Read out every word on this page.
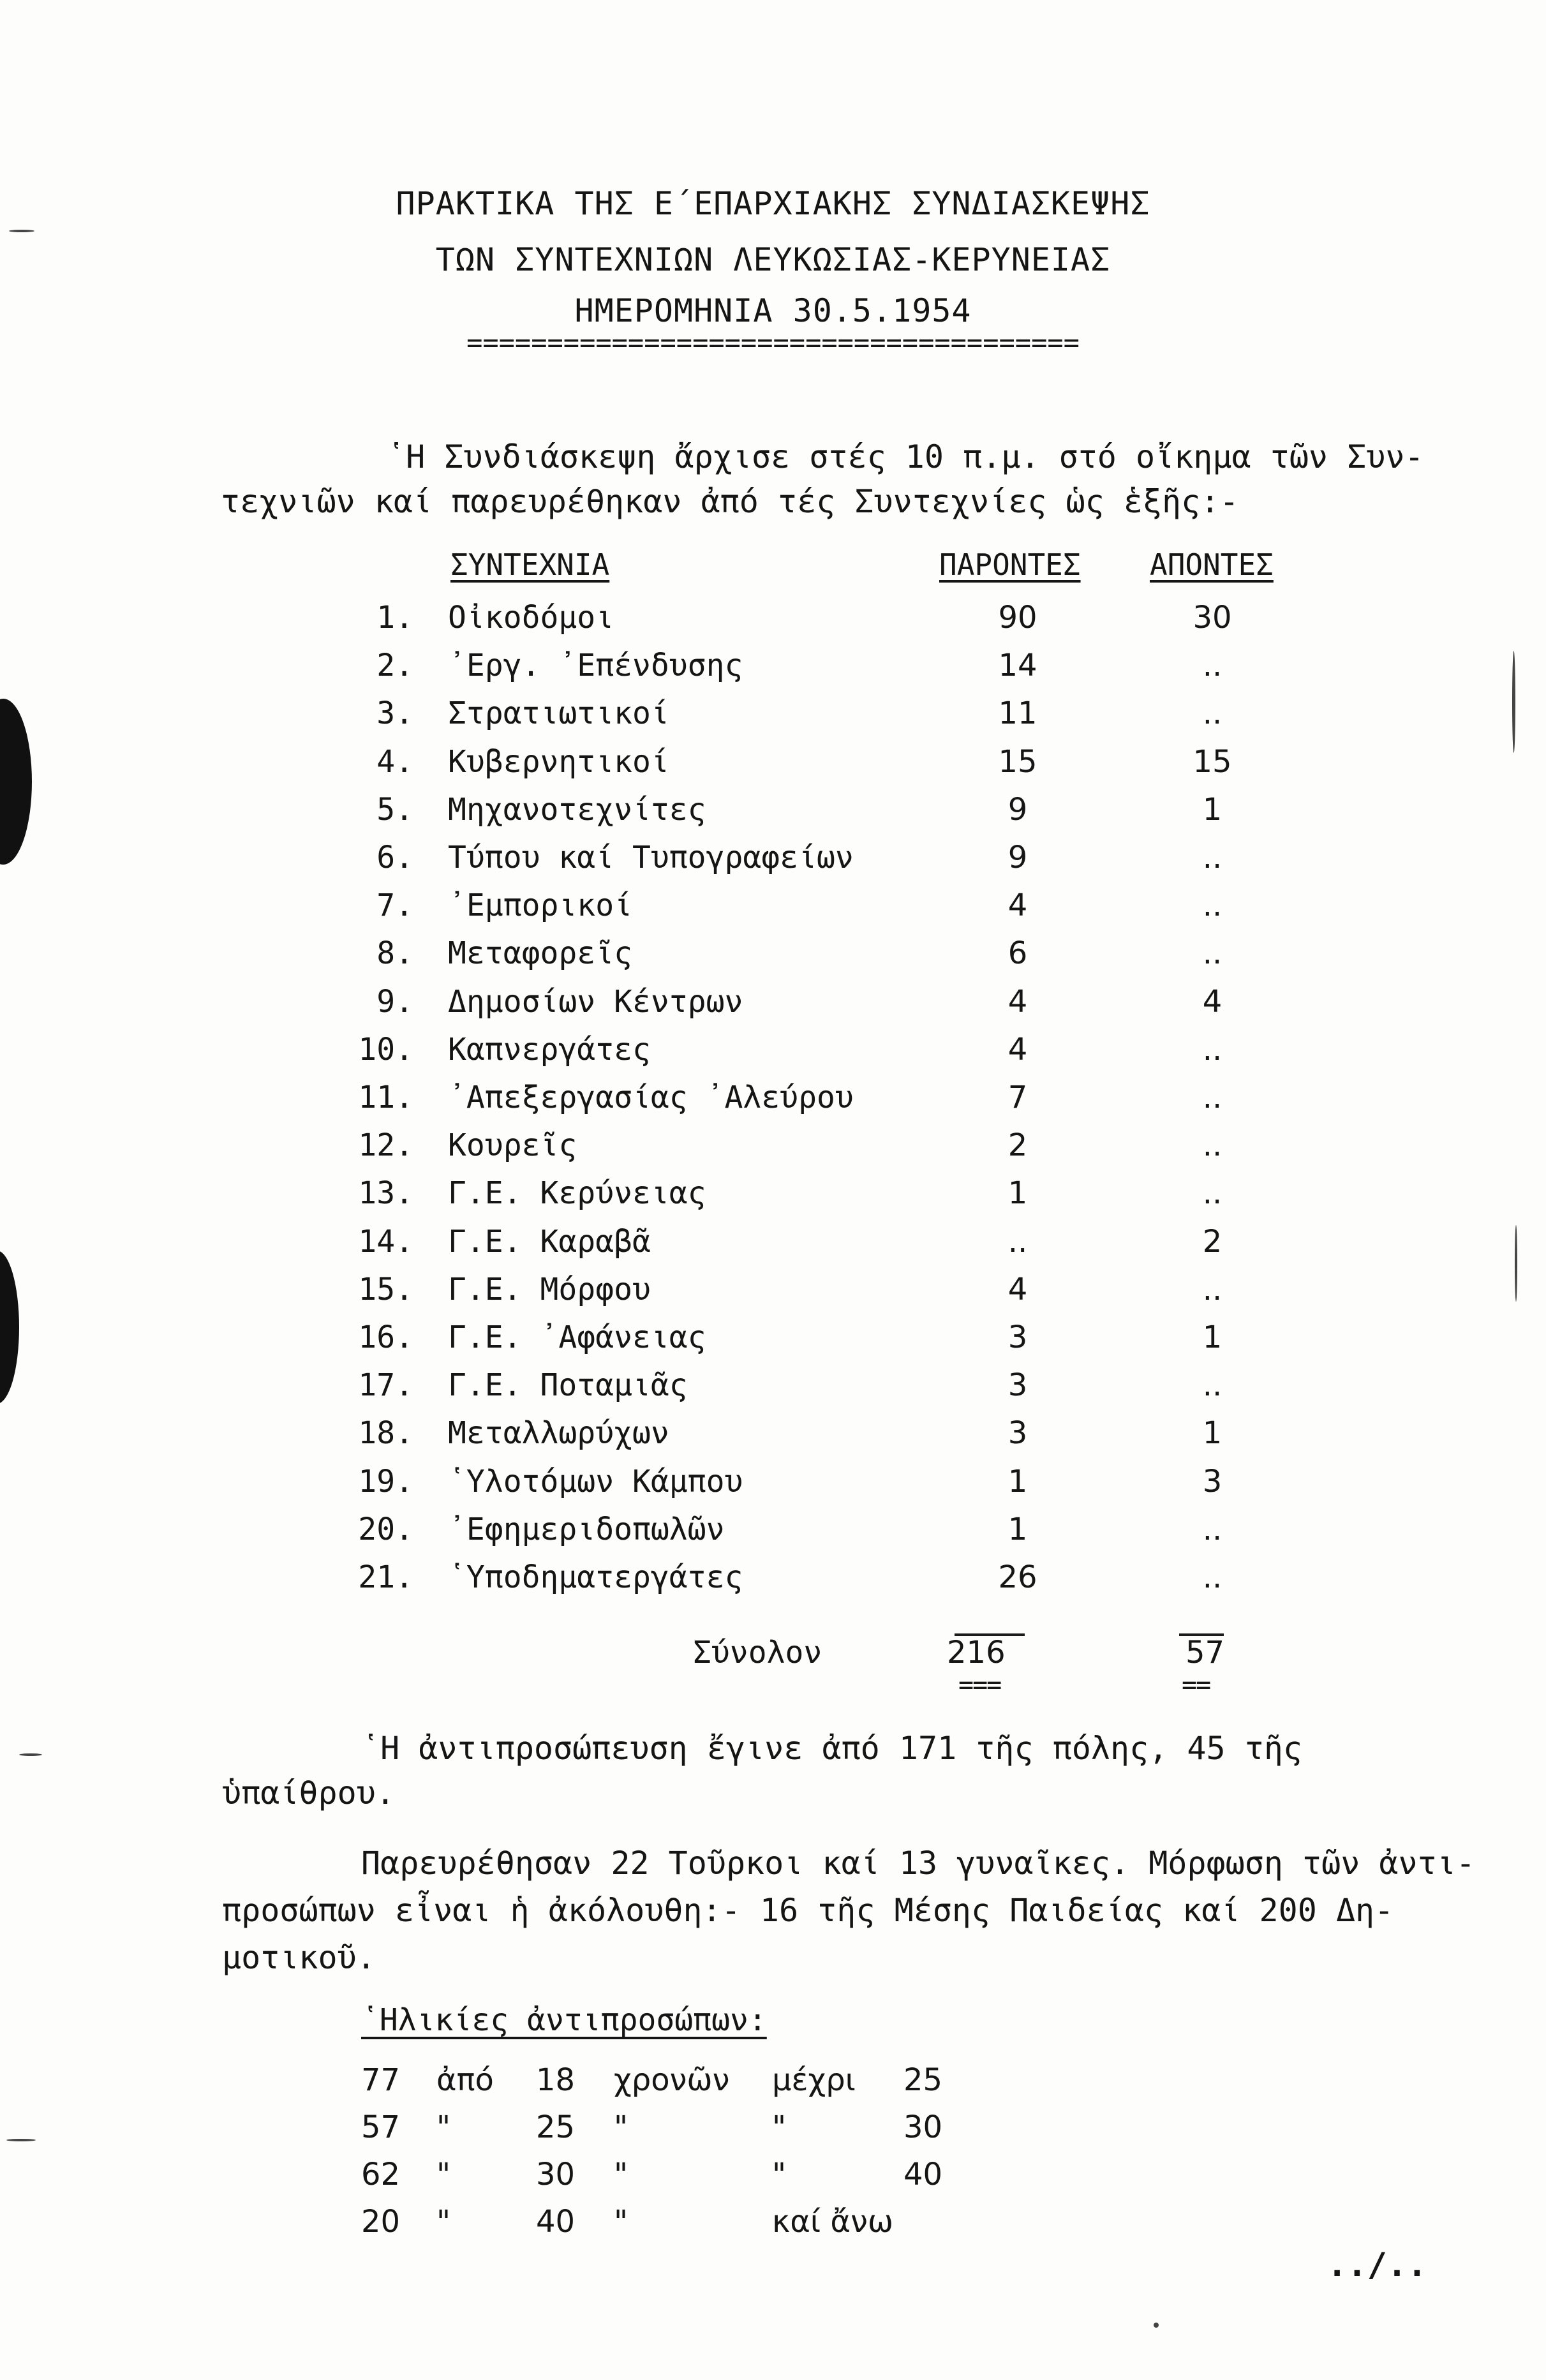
ΠΡΑΚΤΙΚΑ ΤΗΣ Ε΄ΕΠΑΡΧΙΑΚΗΣ ΣΥΝΔΙΑΣΚΕΨΗΣ
ΤΩΝ ΣΥΝΤΕΧΝΙΩΝ ΛΕΥΚΩΣΙΑΣ-ΚΕΡΥΝΕΙΑΣ
ΗΜΕΡΟΜΗΝΙΑ 30.5.1954
======================================
῾Η Συνδιάσκεψη ἄρχισε στές 10 π.μ. στό οἴκημα τῶν Συν-
τεχνιῶν καί παρευρέθηκαν ἀπό τές Συντεχνίες ὡς ἑξῆς:-
ΣΥΝΤΕΧΝΙΑ	ΠΑΡΟΝΤΕΣ ΑΠΟΝΤΕΣ
1. Οἰκοδόμοι	90	30
2. ᾽Εργ. ᾽Επένδυσης	14	..
3. Στρατιωτικοί	11	..
4. Κυβερνητικοί	15	15
5. Μηχανοτεχνίτες	9	1
6. Τύπου καί Τυπογραφείων	9	..
7. ᾽Εμπορικοί	4	..
8. Μεταφορεῖς	6	..
9. Δημοσίων Κέντρων	4	4
10. Καπνεργάτες	4	..
11. ᾽Απεξεργασίας ᾽Αλεύρου	7	..
12. Κουρεῖς	2	..
13. Γ.Ε. Κερύνειας	1	..
14. Γ.Ε. Καραβᾶ	..	2
15. Γ.Ε. Μόρφου	4	..
16. Γ.Ε. ᾽Αφάνειας	3	1
17. Γ.Ε. Ποταμιᾶς	3	..
18. Μεταλλωρύχων	3	1
19. ῾Υλοτόμων Κάμπου	1	3
20. ᾽Εφημεριδοπωλῶν	1	..
21. ῾Υποδηματεργάτες	26	..
Σύνολον	216	57
===	==
῾Η ἀντιπροσώπευση ἔγινε ἀπό 171 τῆς πόλης, 45 τῆς
ὑπαίθρου.
Παρευρέθησαν 22 Τοῦρκοι καί 13 γυναῖκες. Μόρφωση τῶν ἀντι-
προσώπων εἶναι ἡ ἀκόλουθη:- 16 τῆς Μέσης Παιδείας καί 200 Δη-
μοτικοῦ.
῾Ηλικίες ἀντιπροσώπων:
77 ἀπό 18 χρονῶν μέχρι 25
57 "	25 "	"	30
62 "	30 "	"	40
20 "	40 "	καί ἄνω
../..
